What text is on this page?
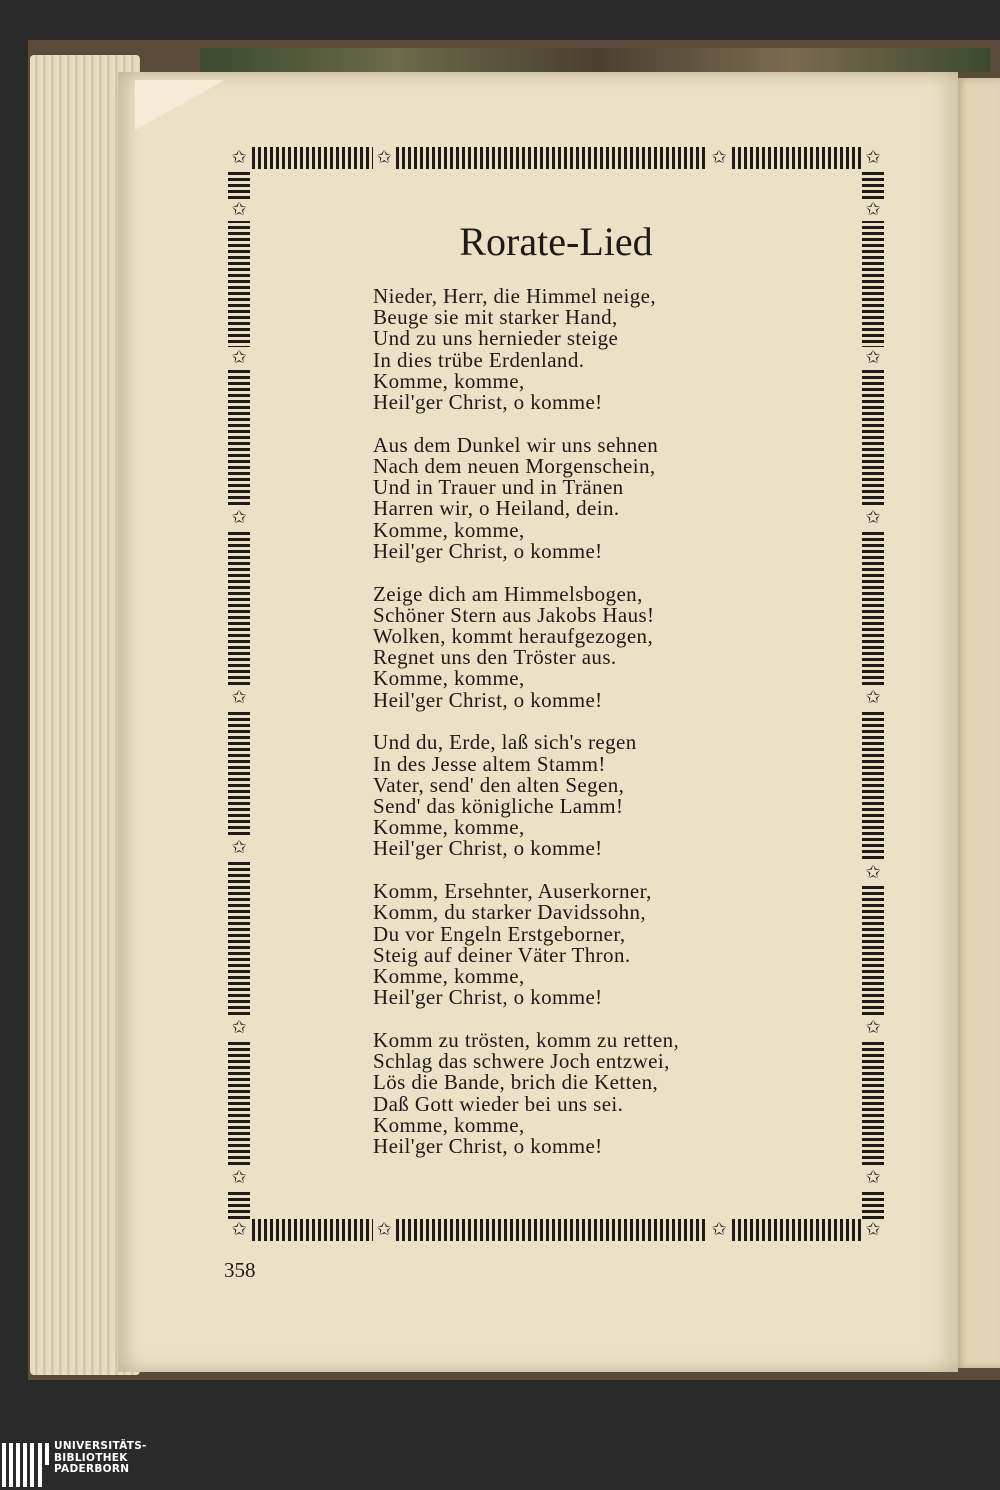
✩	✩
✩	✩
✩	✩
✩	✩
✩
✩
✩
✩
✩
✩
✩
✩
✩
✩
✩
✩
✩
✩
Rorate-Lied
Nieder, Herr, die Himmel neige,
Beuge sie mit starker Hand,
Und zu uns hernieder steige
In dies trübe Erdenland.
Komme, komme,
Heil'ger Christ, o komme!
Aus dem Dunkel wir uns sehnen
Nach dem neuen Morgenschein,
Und in Trauer und in Tränen
Harren wir, o Heiland, dein.
Komme, komme,
Heil'ger Christ, o komme!
Zeige dich am Himmelsbogen,
Schöner Stern aus Jakobs Haus!
Wolken, kommt heraufgezogen,
Regnet uns den Tröster aus.
Komme, komme,
Heil'ger Christ, o komme!
Und du, Erde, laß sich's regen
In des Jesse altem Stamm!
Vater, send' den alten Segen,
Send' das königliche Lamm!
Komme, komme,
Heil'ger Christ, o komme!
Komm, Ersehnter, Auserkorner,
Komm, du starker Davidssohn,
Du vor Engeln Erstgeborner,
Steig auf deiner Väter Thron.
Komme, komme,
Heil'ger Christ, o komme!
Komm zu trösten, komm zu retten,
Schlag das schwere Joch entzwei,
Lös die Bande, brich die Ketten,
Daß Gott wieder bei uns sei.
Komme, komme,
Heil'ger Christ, o komme!
358
UNIVERSITÄTS-
BIBLIOTHEK
PADERBORN
